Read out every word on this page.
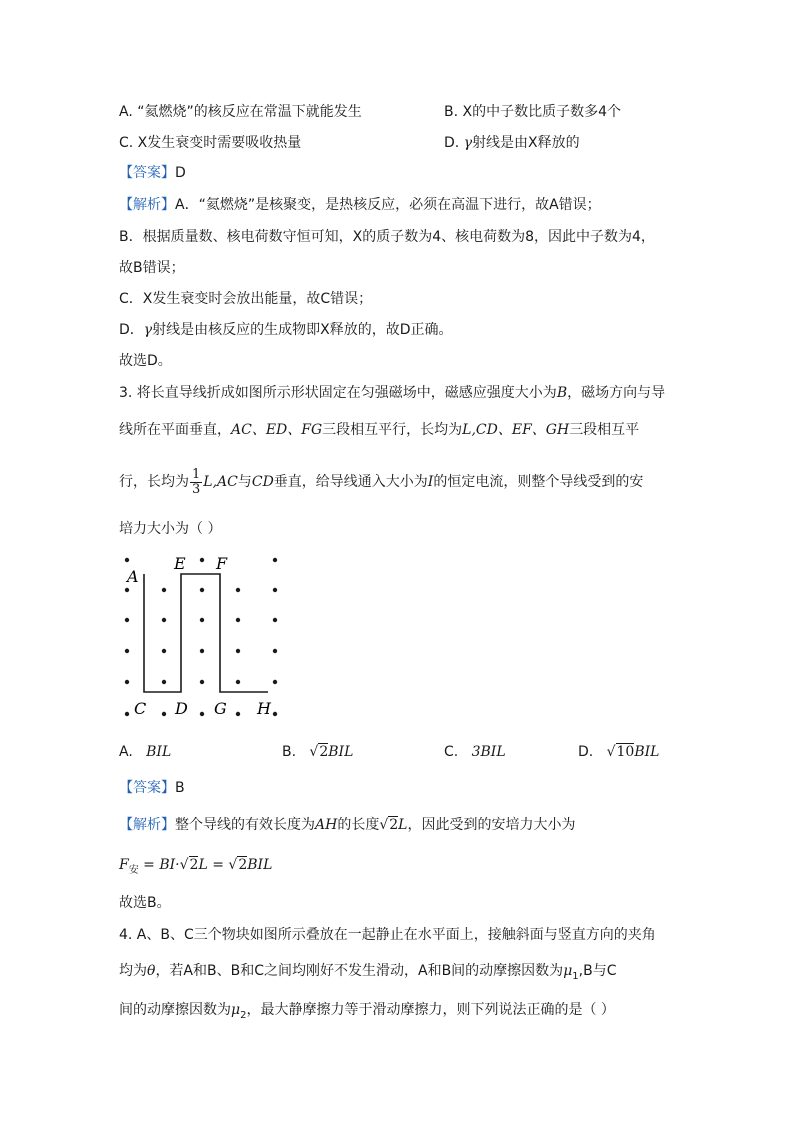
A. “氦燃烧”的核反应在常温下就能发生	B. X的中子数比质子数多4个
C. X发生衰变时需要吸收热量	D. γ射线是由X释放的
【答案】D
【解析】A．“氦燃烧”是核聚变，是热核反应，必须在高温下进行，故A错误；
B．根据质量数、核电荷数守恒可知，X的质子数为4、核电荷数为8，因此中子数为4，
故B错误；
C．X发生衰变时会放出能量，故C错误；
D．γ射线是由核反应的生成物即X释放的，故D正确。
故选D。
3. 将长直导线折成如图所示形状固定在匀强磁场中，磁感应强度大小为B，磁场方向与导
线所在平面垂直，AC、ED、FG三段相互平行，长均为L,CD、EF、GH三段相互平
行，长均为 $\frac{1}{3} L,AC$与CD垂直，给导线通入大小为I的恒定电流，则整个导线受到的安
培力大小为（ ）
A
E F
C D G H
A. BIL	B. √2BIL	C. 3BIL	D. √10BIL
【答案】B
【解析】整个导线的有效长度为AH的长度√2L，因此受到的安培力大小为
$F_安 = BI\cdot√2L = √2BIL$
故选B。
4. A、B、C三个物块如图所示叠放在一起静止在水平面上，接触斜面与竖直方向的夹角
均为θ，若A和B、B和C之间均刚好不发生滑动，A和B间的动摩擦因数为$\mu_1,B$与C
间的动摩擦因数为$\mu_2$，最大静摩擦力等于滑动摩擦力，则下列说法正确的是（ ）
